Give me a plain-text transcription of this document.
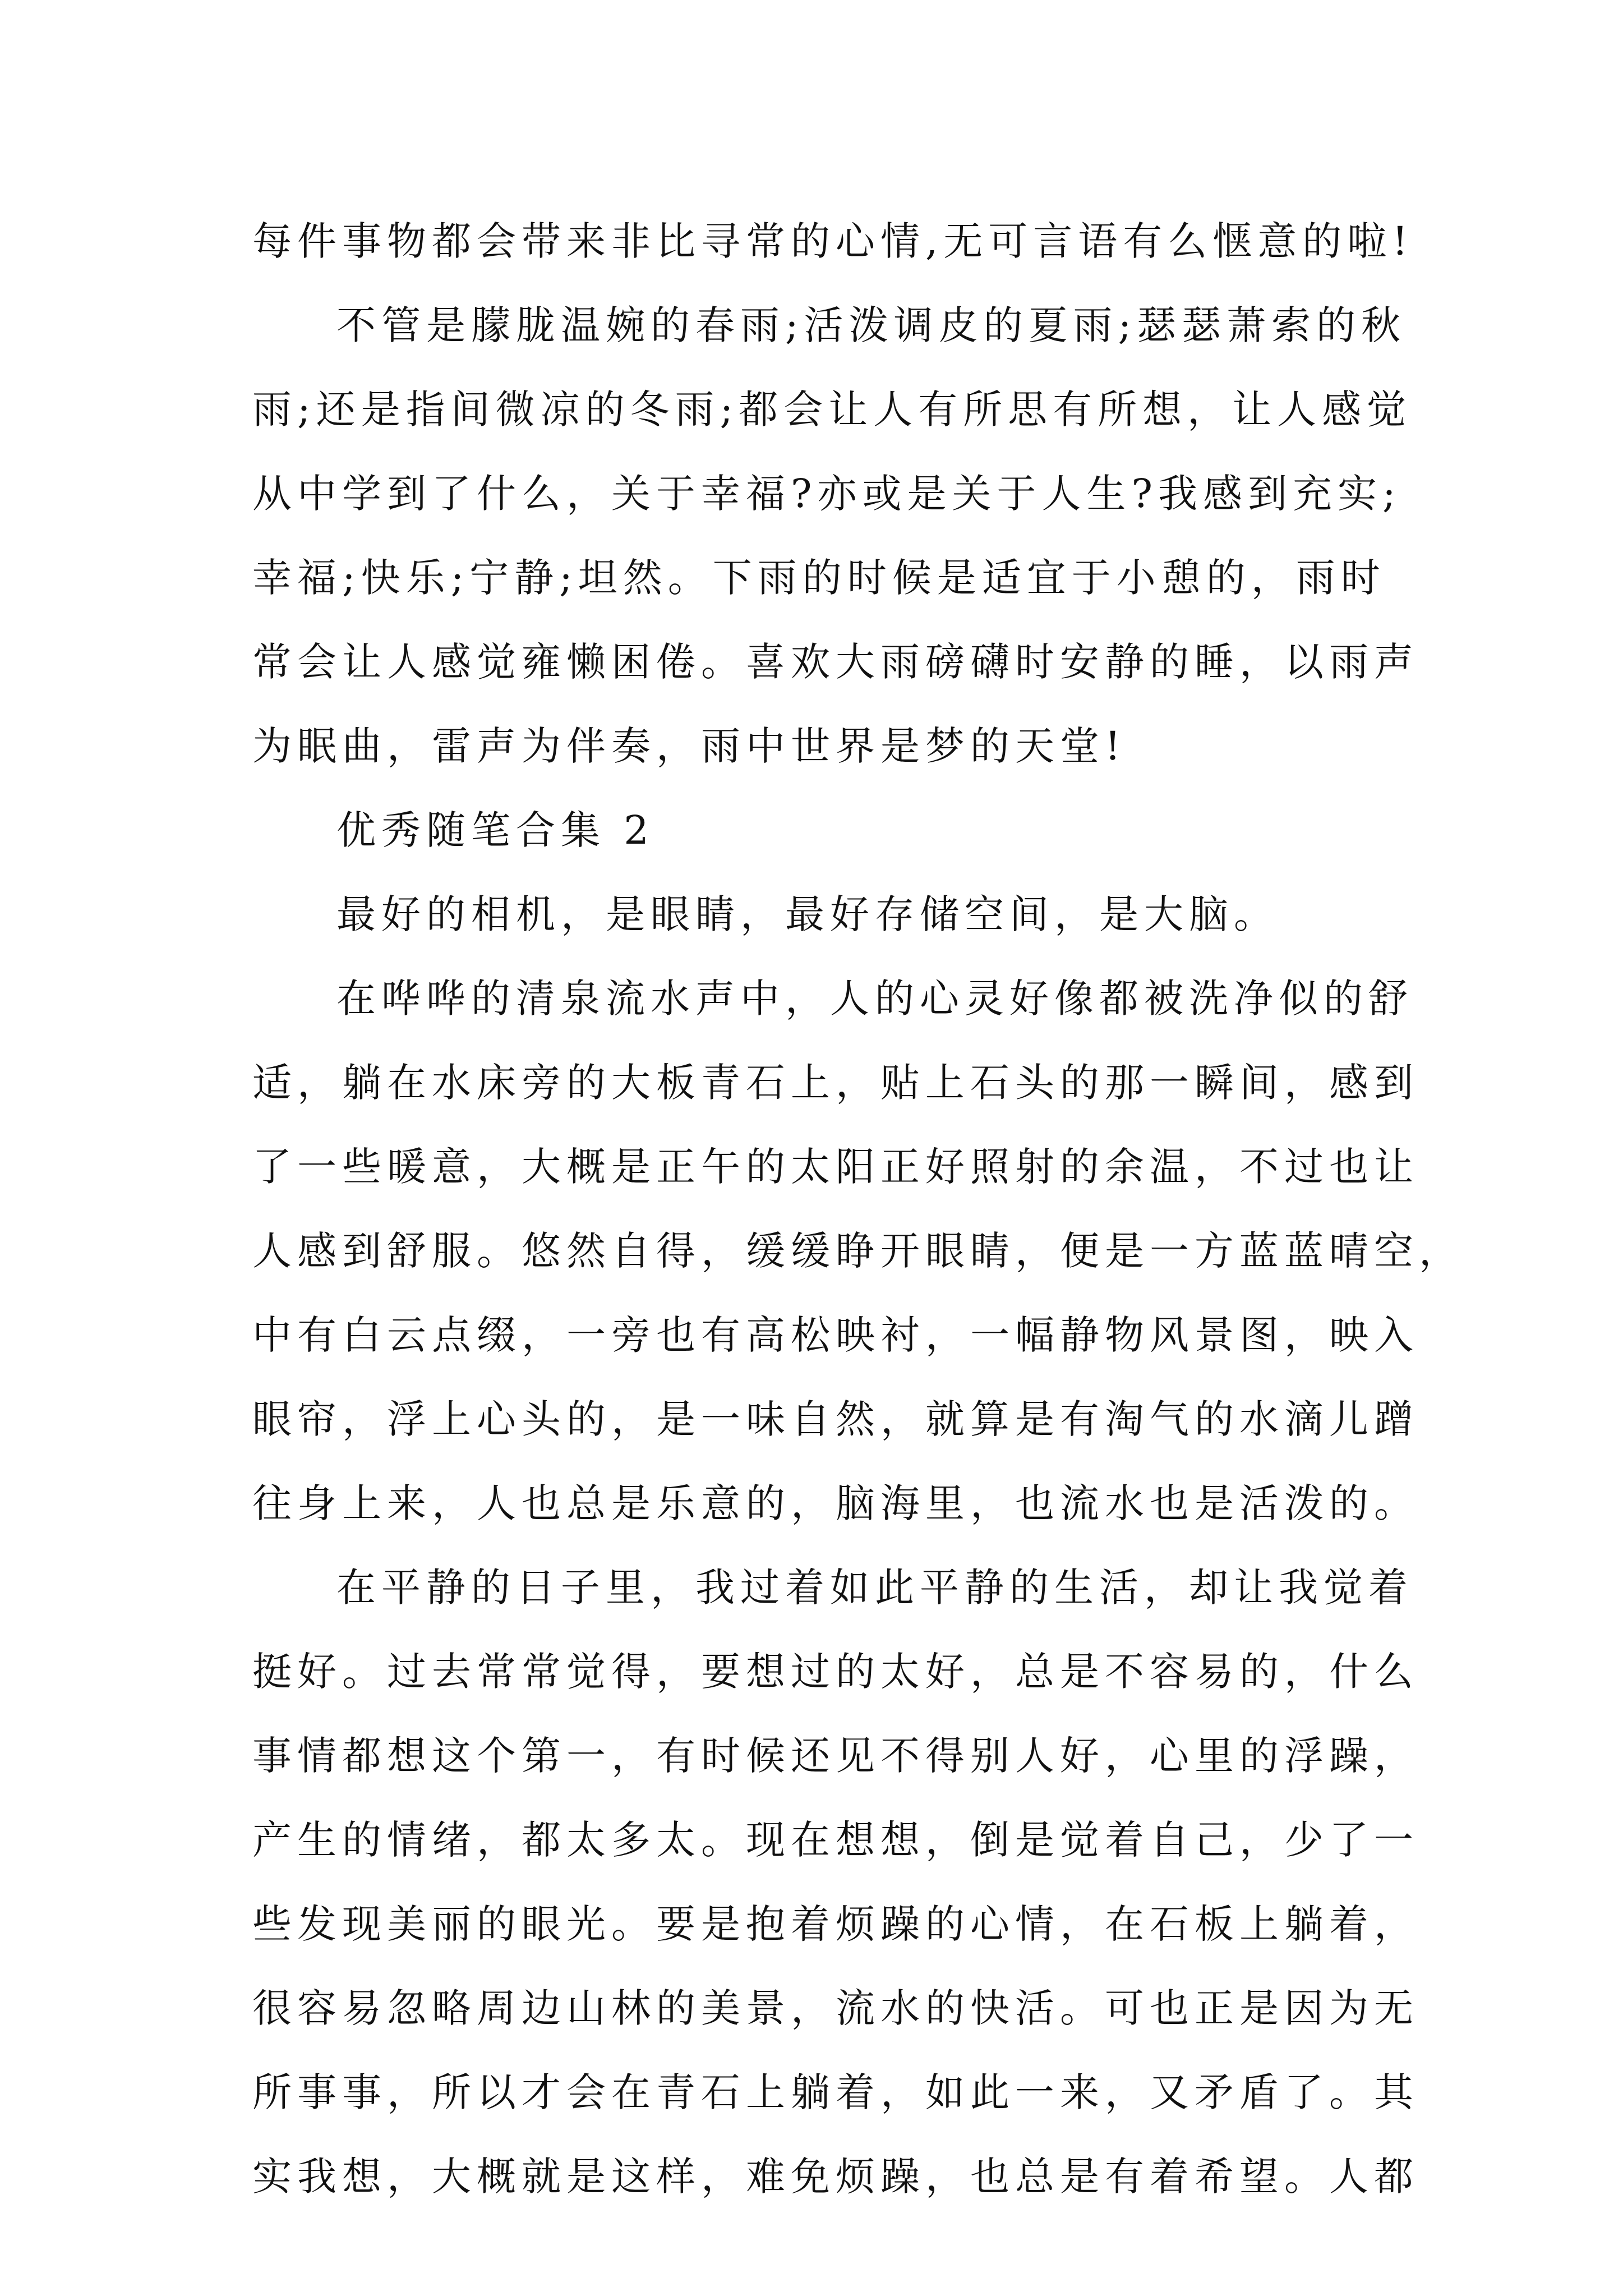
每件事物都会带来非比寻常的心情,无可言语有么惬意的啦!
不管是朦胧温婉的春雨;活泼调皮的夏雨;瑟瑟萧索的秋
雨;还是指间微凉的冬雨;都会让人有所思有所想，让人感觉
从中学到了什么，关于幸福?亦或是关于人生?我感到充实;
幸福;快乐;宁静;坦然。下雨的时候是适宜于小憩的，雨时
常会让人感觉雍懒困倦。喜欢大雨磅礴时安静的睡，以雨声
为眠曲，雷声为伴奏，雨中世界是梦的天堂!
优秀随笔合集 2
最好的相机，是眼睛，最好存储空间，是大脑。
在哗哗的清泉流水声中，人的心灵好像都被洗净似的舒
适，躺在水床旁的大板青石上，贴上石头的那一瞬间，感到
了一些暖意，大概是正午的太阳正好照射的余温，不过也让
人感到舒服。悠然自得，缓缓睁开眼睛，便是一方蓝蓝晴空，
中有白云点缀，一旁也有高松映衬，一幅静物风景图，映入
眼帘，浮上心头的，是一味自然，就算是有淘气的水滴儿蹭
往身上来，人也总是乐意的，脑海里，也流水也是活泼的。
在平静的日子里，我过着如此平静的生活，却让我觉着
挺好。过去常常觉得，要想过的太好，总是不容易的，什么
事情都想这个第一，有时候还见不得别人好，心里的浮躁，
产生的情绪，都太多太。现在想想，倒是觉着自己，少了一
些发现美丽的眼光。要是抱着烦躁的心情，在石板上躺着，
很容易忽略周边山林的美景，流水的快活。可也正是因为无
所事事，所以才会在青石上躺着，如此一来，又矛盾了。其
实我想，大概就是这样，难免烦躁，也总是有着希望。人都
